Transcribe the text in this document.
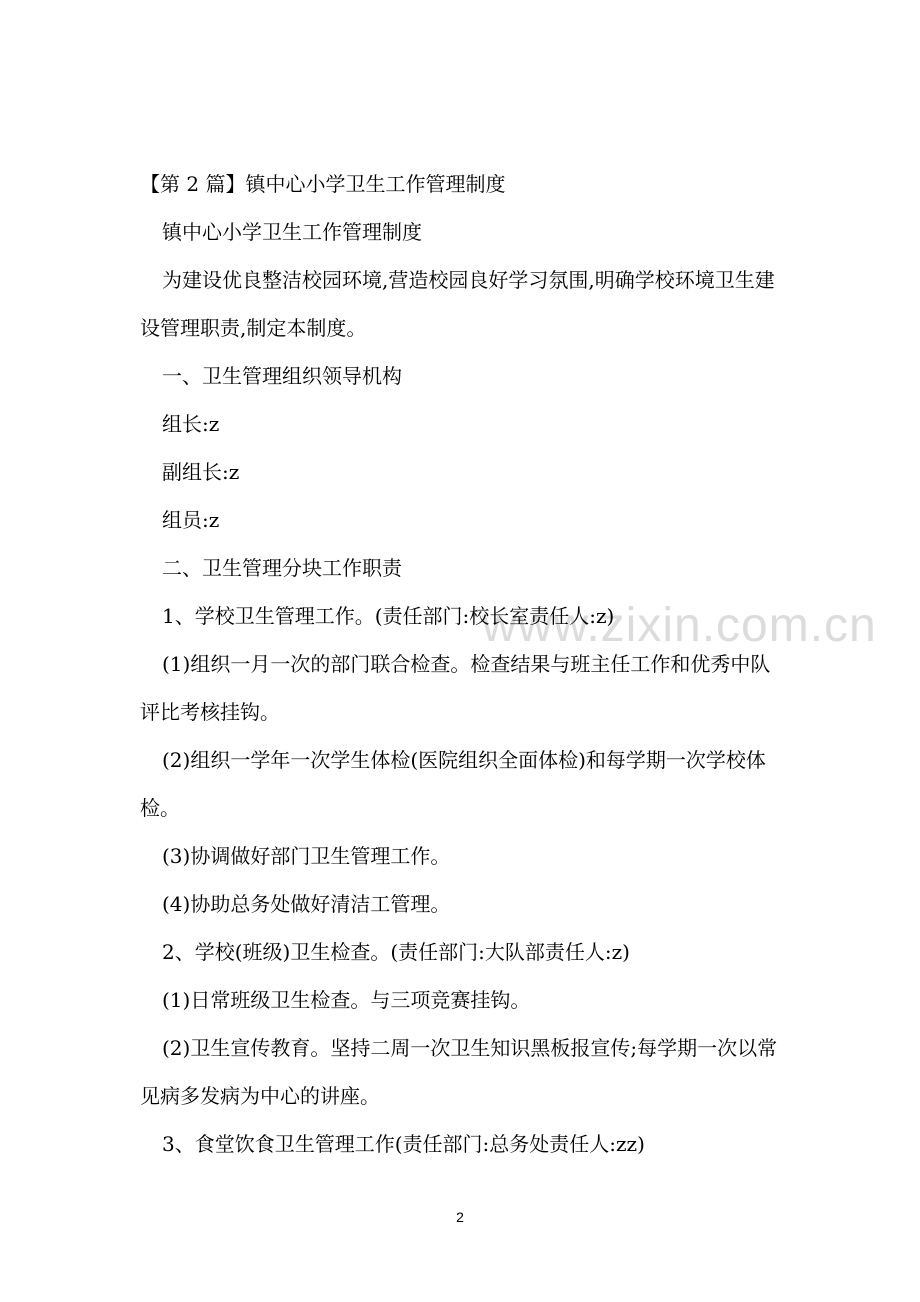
www.zixin.com.cn
【第 2 篇】镇中心小学卫生工作管理制度
镇中心小学卫生工作管理制度
为建设优良整洁校园环境,营造校园良好学习氛围,明确学校环境卫生建设管理职责,制定本制度。
一、卫生管理组织领导机构
组长:z
副组长:z
组员:z
二、卫生管理分块工作职责
1、学校卫生管理工作。(责任部门:校长室责任人:z)
(1)组织一月一次的部门联合检查。检查结果与班主任工作和优秀中队评比考核挂钩。
(2)组织一学年一次学生体检(医院组织全面体检)和每学期一次学校体检。
(3)协调做好部门卫生管理工作。
(4)协助总务处做好清洁工管理。
2、学校(班级)卫生检查。(责任部门:大队部责任人:z)
(1)日常班级卫生检查。与三项竞赛挂钩。
(2)卫生宣传教育。坚持二周一次卫生知识黑板报宣传;每学期一次以常见病多发病为中心的讲座。
3、食堂饮食卫生管理工作(责任部门:总务处责任人:zz)
2
